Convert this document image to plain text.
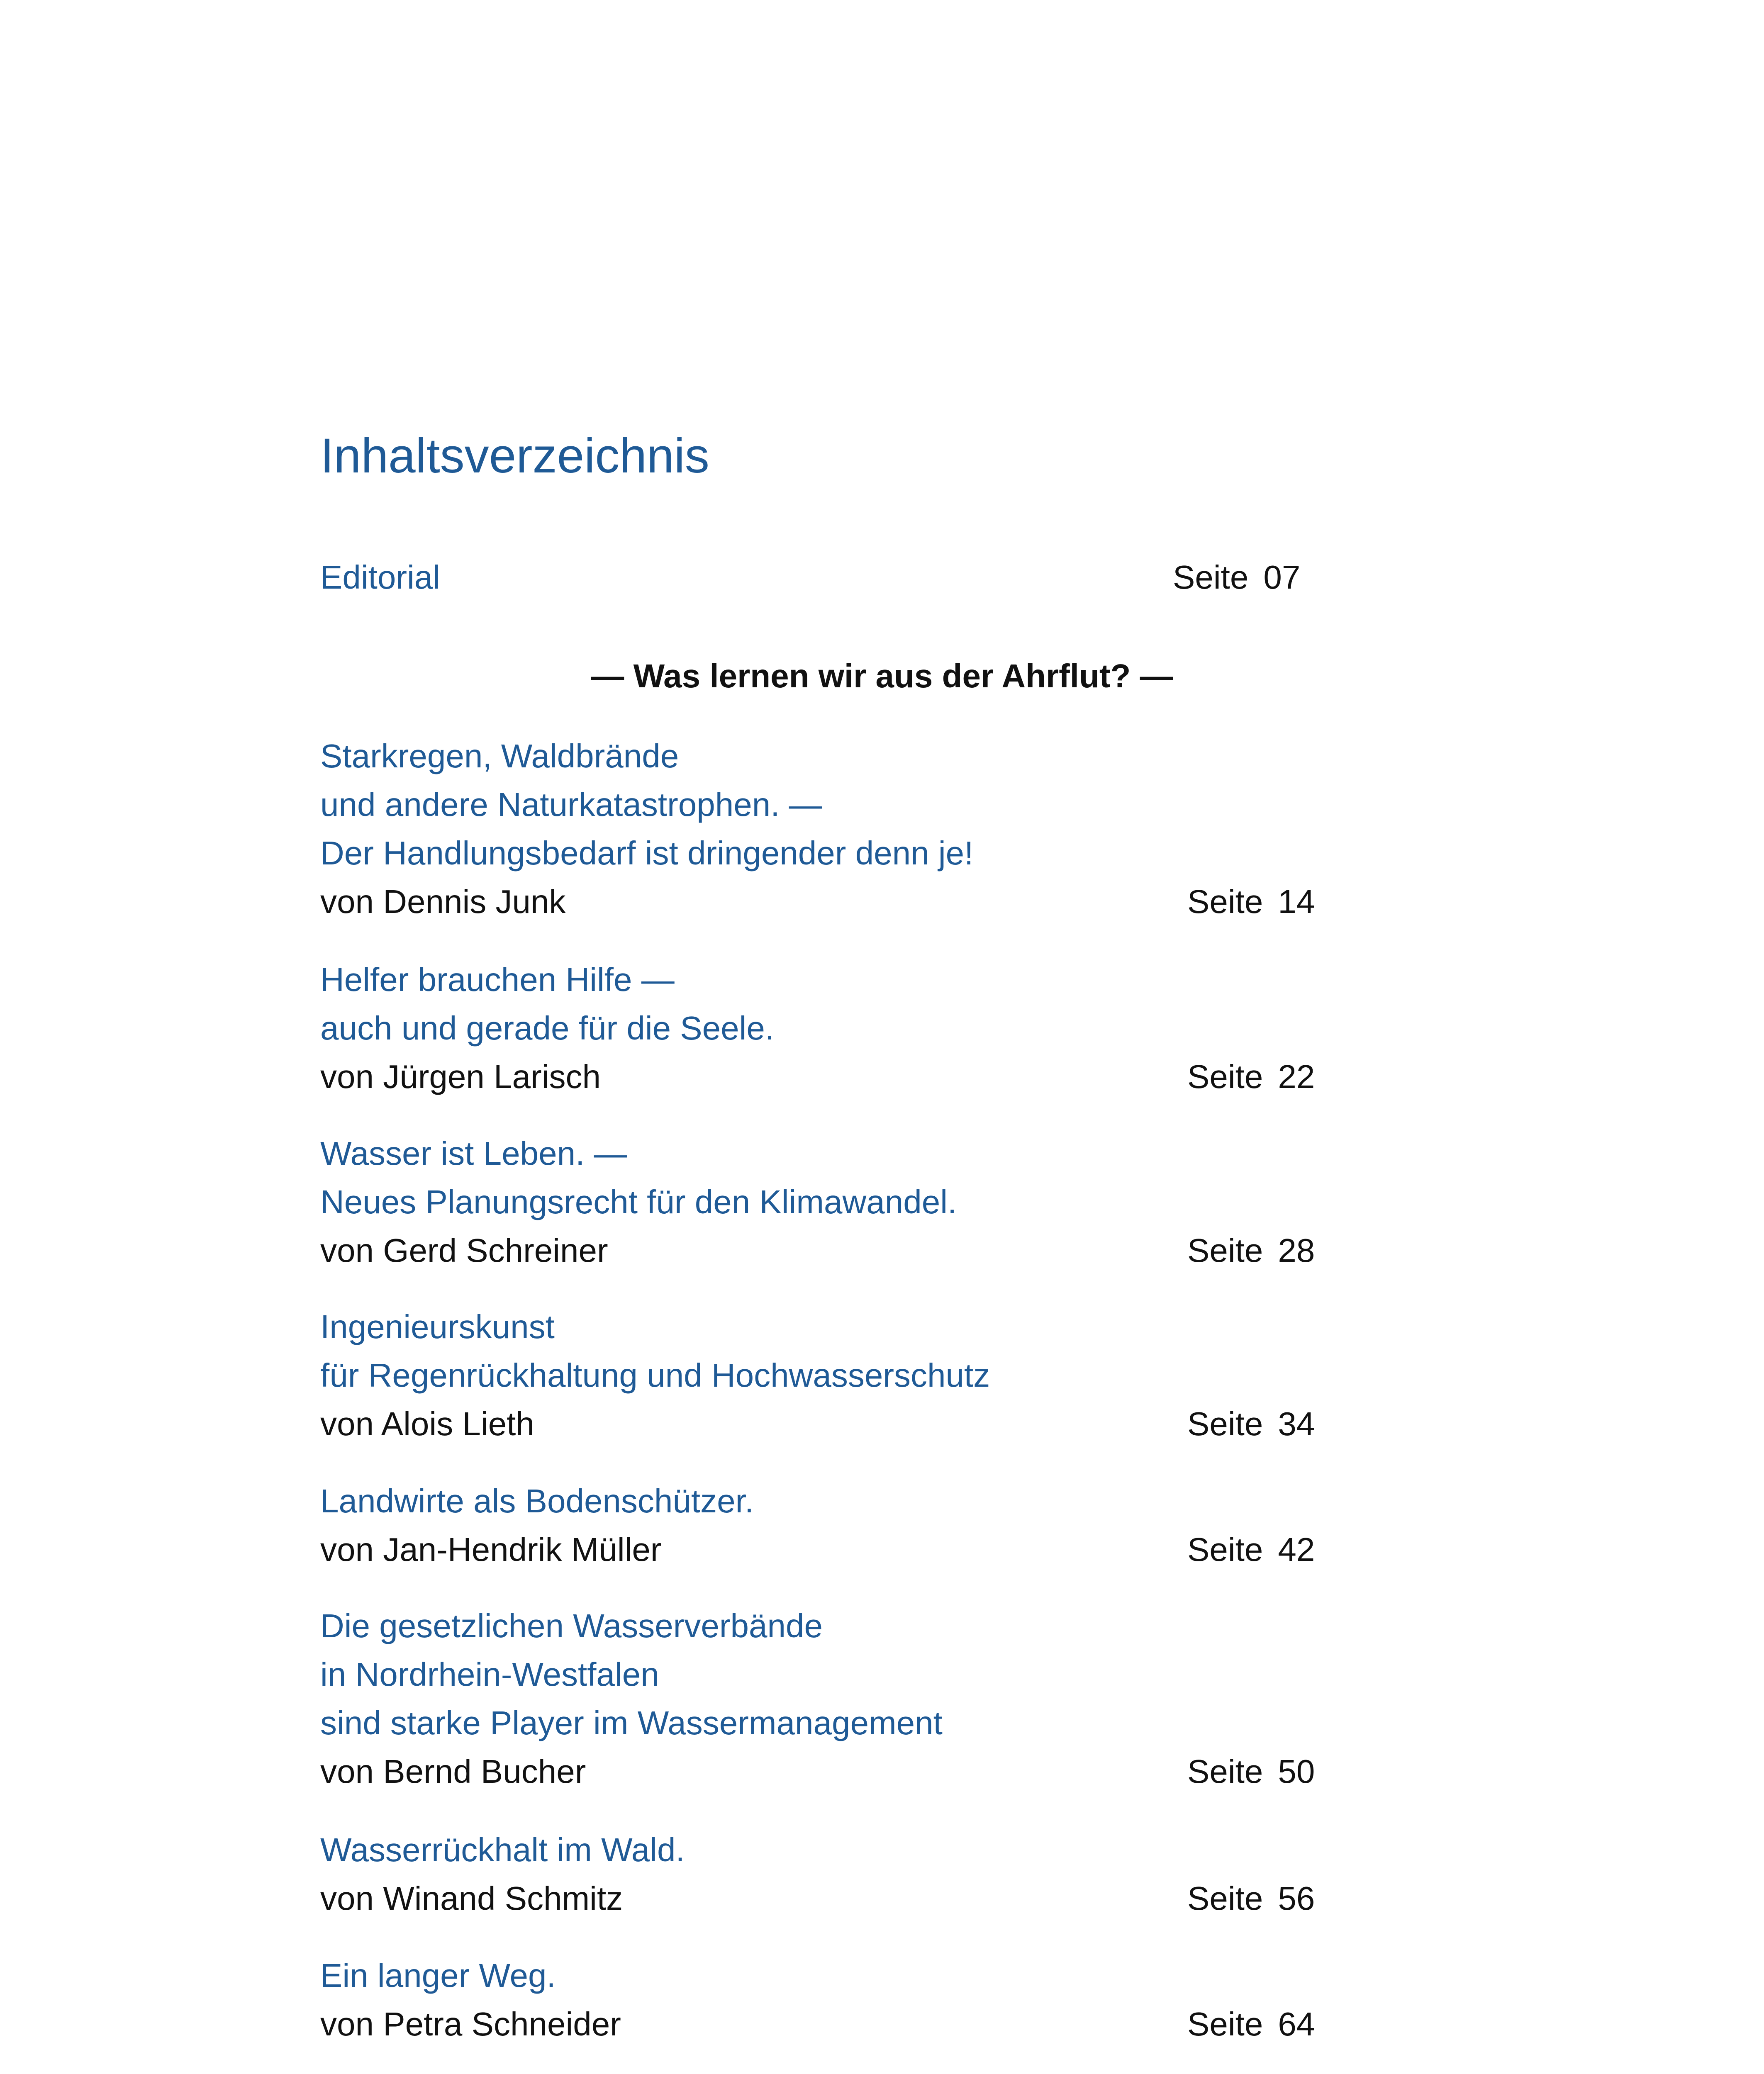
Inhaltsverzeichnis
Editorial	Seite 07
— Was lernen wir aus der Ahrflut? —
Starkregen, Waldbrände
und andere Naturkatastrophen. —
Der Handlungsbedarf ist dringender denn je!
von Dennis Junk	Seite 14
Helfer brauchen Hilfe —
auch und gerade für die Seele.
von Jürgen Larisch	Seite 22
Wasser ist Leben. —
Neues Planungsrecht für den Klimawandel.
von Gerd Schreiner	Seite 28
Ingenieurskunst
für Regenrückhaltung und Hochwasserschutz
von Alois Lieth	Seite 34
Landwirte als Bodenschützer.
von Jan-Hendrik Müller	Seite 42
Die gesetzlichen Wasserverbände
in Nordrhein-Westfalen
sind starke Player im Wassermanagement
von Bernd Bucher	Seite 50
Wasserrückhalt im Wald.
von Winand Schmitz	Seite 56
Ein langer Weg.
von Petra Schneider	Seite 64
